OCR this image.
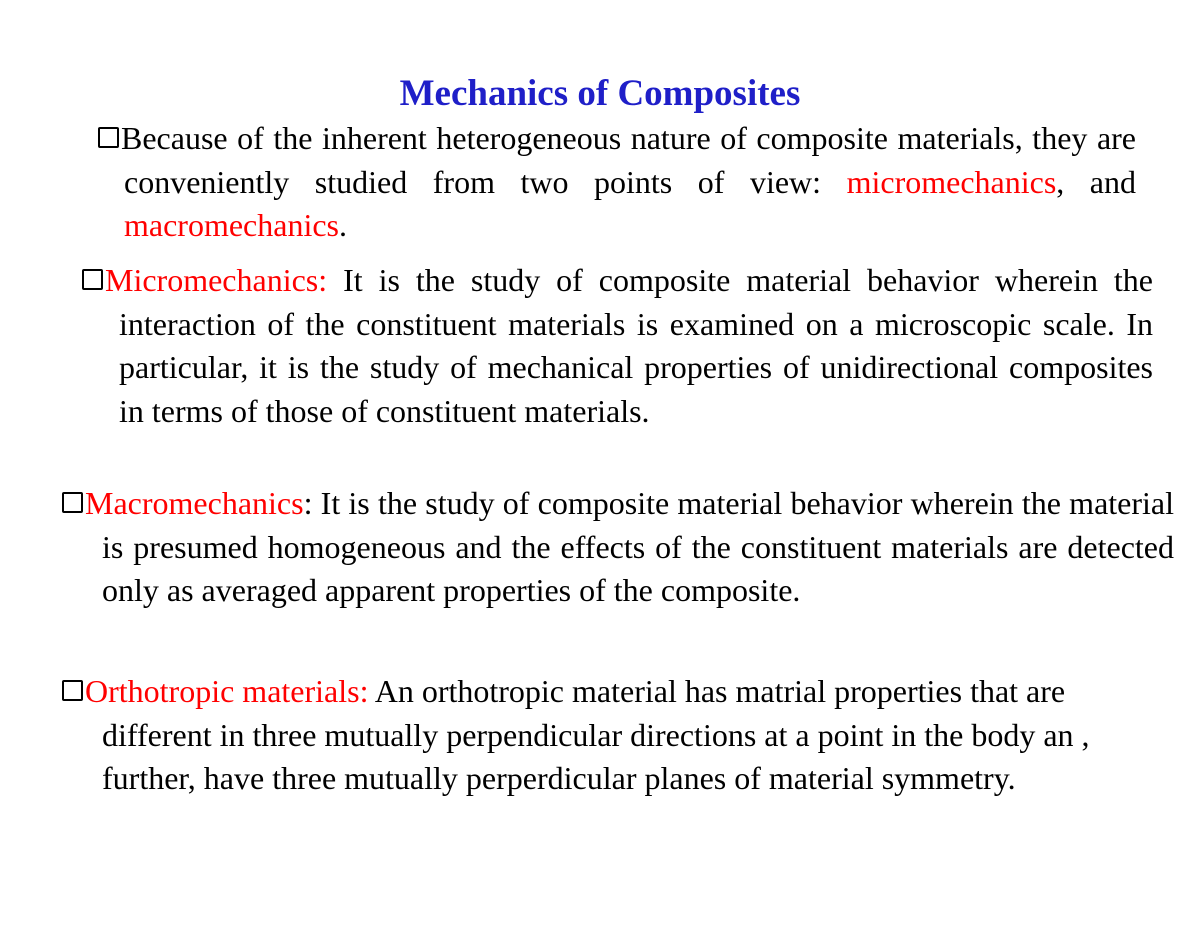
Mechanics of Composites
Because of the inherent heterogeneous nature of composite materials, they are conveniently studied from two points of view: micromechanics, and macromechanics.
Micromechanics: It is the study of composite material behavior wherein the interaction of the constituent materials is examined on a microscopic scale. In particular, it is the study of mechanical properties of unidirectional composites in terms of those of constituent materials.
Macromechanics: It is the study of composite material behavior wherein the material is presumed homogeneous and the effects of the constituent materials are detected only as averaged apparent properties of the composite.
Orthotropic materials: An orthotropic material has matrial properties that are different in three mutually perpendicular directions at a point in the body an , further, have three mutually perperdicular planes of material symmetry.
